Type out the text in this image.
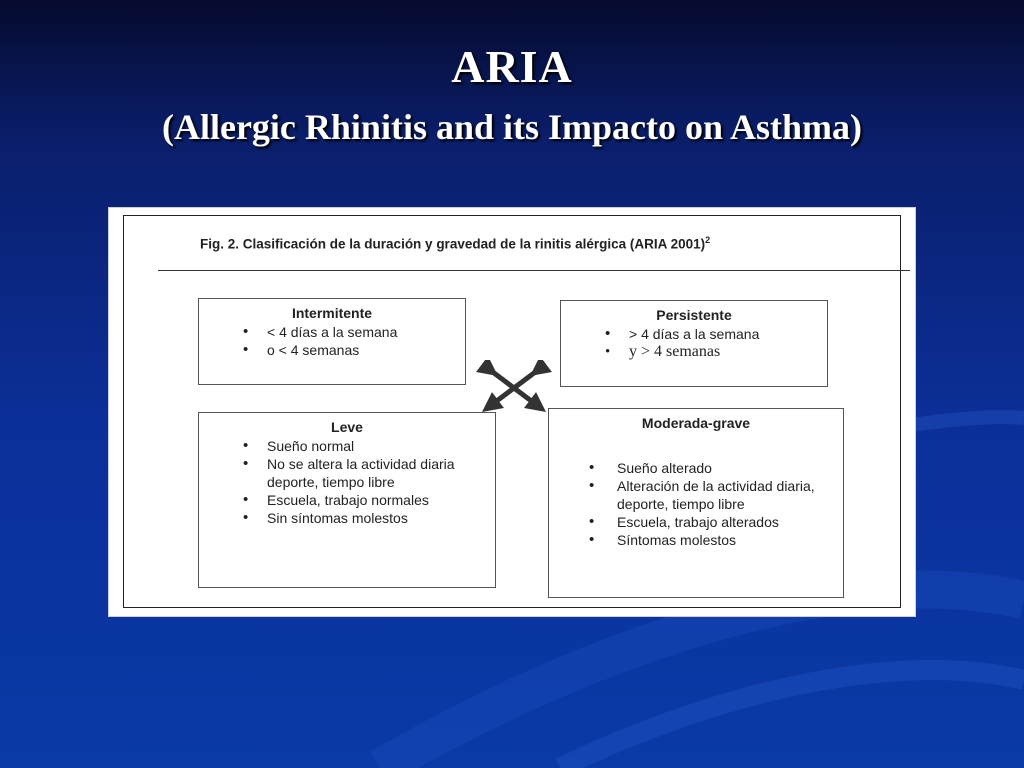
ARIA
(Allergic Rhinitis and its Impacto on Asthma)
Fig. 2. Clasificación de la duración y gravedad de la rinitis alérgica (ARIA 2001)$^2$
Intermitente
• < 4 días a la semana
• o < 4 semanas
Persistente
• > 4 días a la semana
• y > 4 semanas
Leve
• Sueño normal
• No se altera la actividad diaria deporte, tiempo libre
• Escuela, trabajo normales
• Sin síntomas molestos
Moderada-grave
• Sueño alterado
• Alteración de la actividad diaria, deporte, tiempo libre
• Escuela, trabajo alterados
• Síntomas molestos
